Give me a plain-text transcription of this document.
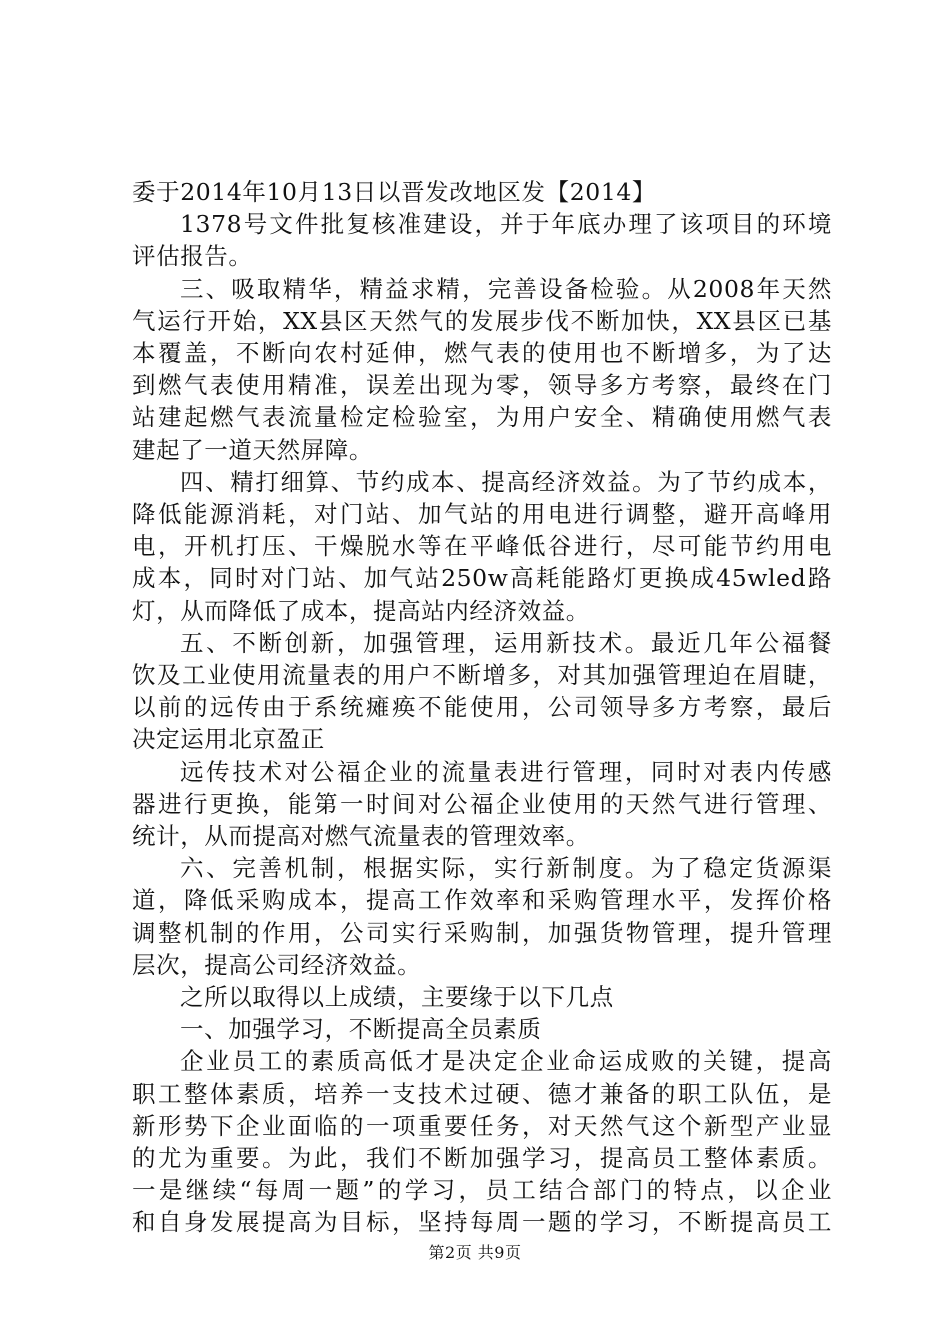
委于2014年10月13日以晋发改地区发【2014】
1378号文件批复核准建设，并于年底办理了该项目的环境
评估报告。
三、吸取精华，精益求精，完善设备检验。从2008年天然
气运行开始，XX县区天然气的发展步伐不断加快，XX县区已基
本覆盖，不断向农村延伸，燃气表的使用也不断增多，为了达
到燃气表使用精准，误差出现为零，领导多方考察，最终在门
站建起燃气表流量检定检验室，为用户安全、精确使用燃气表
建起了一道天然屏障。
四、精打细算、节约成本、提高经济效益。为了节约成本，
降低能源消耗，对门站、加气站的用电进行调整，避开高峰用
电，开机打压、干燥脱水等在平峰低谷进行，尽可能节约用电
成本，同时对门站、加气站250w高耗能路灯更换成45wled路
灯，从而降低了成本，提高站内经济效益。
五、不断创新，加强管理，运用新技术。最近几年公福餐
饮及工业使用流量表的用户不断增多，对其加强管理迫在眉睫，
以前的远传由于系统瘫痪不能使用，公司领导多方考察，最后
决定运用北京盈正
远传技术对公福企业的流量表进行管理，同时对表内传感
器进行更换，能第一时间对公福企业使用的天然气进行管理、
统计，从而提高对燃气流量表的管理效率。
六、完善机制，根据实际，实行新制度。为了稳定货源渠
道，降低采购成本，提高工作效率和采购管理水平，发挥价格
调整机制的作用，公司实行采购制，加强货物管理，提升管理
层次，提高公司经济效益。
之所以取得以上成绩，主要缘于以下几点
一、加强学习，不断提高全员素质
企业员工的素质高低才是决定企业命运成败的关键，提高
职工整体素质，培养一支技术过硬、德才兼备的职工队伍，是
新形势下企业面临的一项重要任务，对天然气这个新型产业显
的尤为重要。为此，我们不断加强学习，提高员工整体素质。
一是继续“每周一题”的学习，员工结合部门的特点，以企业
和自身发展提高为目标，坚持每周一题的学习，不断提高员工
第2页 共9页
